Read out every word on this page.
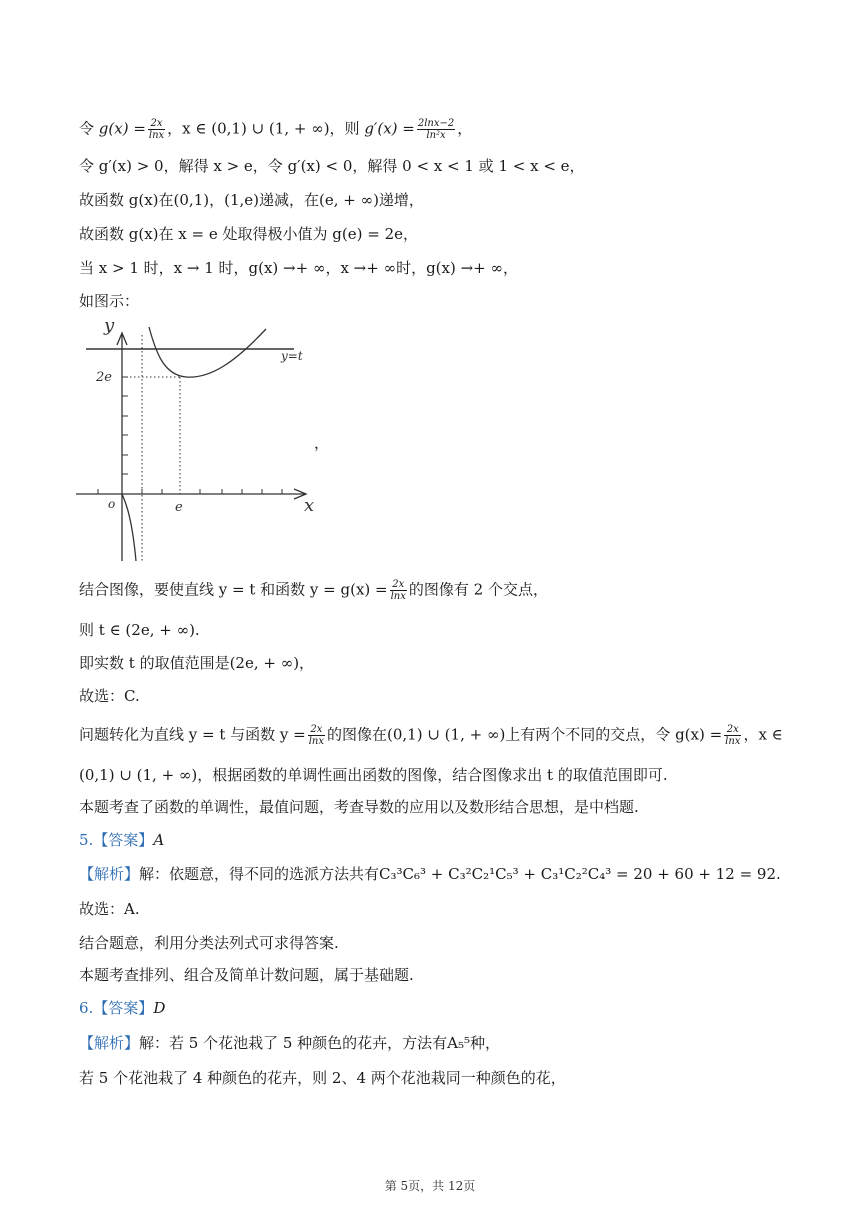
令 $g(x) = \frac{2x}{\ln x}$ ，x ∈ (0,1) ∪ (1, + ∞)，则 $g'(x) = \frac{2\ln x-2}{\text{ln²x}}$ ，
令 g′(x) > 0，解得 x > e，令 g′(x) < 0，解得 0 < x < 1 或 1 < x < e，
故函数 g(x)在(0,1)，(1,e)递减，在(e, + ∞)递增，
故函数 g(x)在 x = e 处取得极小值为 g(e) = 2e，
当 x > 1 时，x → 1 时，g(x) →+ ∞，x →+ ∞时，g(x) →+ ∞，
如图示：
y
x
o	e
2e
y=t
，
结合图像，要使直线 y = t 和函数 $y = g(x) = \frac{2x}{\ln x}$ 的图像有 2 个交点，
则 t ∈ (2e, + ∞).
即实数 t 的取值范围是(2e, + ∞)，
故选：C.
问题转化为直线 y = t 与函数 $y = \frac{2x}{\ln x}$ 的图像在(0,1) ∪ (1, + ∞)上有两个不同的交点，令 $g(x) = \frac{2x}{\ln x}$ ，x ∈
(0,1) ∪ (1, + ∞)，根据函数的单调性画出函数的图像，结合图像求出 t 的取值范围即可.
本题考查了函数的单调性，最值问题，考查导数的应用以及数形结合思想，是中档题.
5.【答案】A
【解析】解：依题意，得不同的选派方法共有C₃³C₆³ + C₃²C₂¹C₅³ + C₃¹C₂²C₄³ = 20 + 60 + 12 = 92.
故选：A.
结合题意，利用分类法列式可求得答案.
本题考查排列、组合及简单计数问题，属于基础题.
6.【答案】D
【解析】解：若 5 个花池栽了 5 种颜色的花卉，方法有A₅⁵种，
若 5 个花池栽了 4 种颜色的花卉，则 2、4 两个花池栽同一种颜色的花，
第 5页，共 12页
